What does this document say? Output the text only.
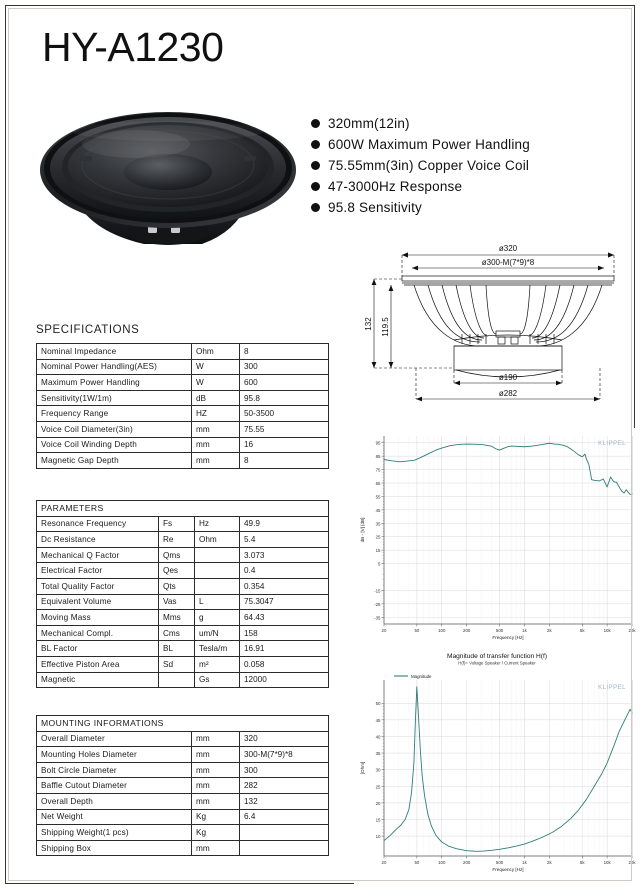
HY-A1230
320mm(12in)
600W Maximum Power Handling
75.55mm(3in) Copper Voice Coil
47-3000Hz Response
95.8 Sensitivity
SPECIFICATIONS
Nominal Impedance	Ohm	8
Nominal Power Handling(AES)	W	300
Maximum Power Handling	W	600
Sensitivity(1W/1m)	dB	95.8
Frequency Range	HZ	50-3500
Voice Coil Diameter(3in)	mm	75.55
Voice Coil Winding Depth	mm	16
Magnetic Gap Depth	mm	8
PARAMETERS			
Resonance Frequency	Fs	Hz	49.9
Dc Resistance	Re	Ohm	5.4
Mechanical Q Factor	Qms		3.073
Electrical Factor	Qes		0.4
Total Quality Factor	Qts		0.354
Equivalent Volume	Vas	L	75.3047
Moving Mass	Mms	g	64.43
Mechanical Compl.	Cms	um/N	158
BL Factor	BL	Tesla/m	16.91
Effective Piston Area	Sd	m²	0.058
Magnetic		Gs	12000
MOUNTING INFORMATIONS		
Overall Diameter	mm	320
Mounting Holes Diameter	mm	300-M(7*9)*8
Bolt Circle Diameter	mm	300
Baffle Cutout Diameter	mm	282
Overall Depth	mm	132
Net Weight	Kg	6.4
Shipping Weight(1 pcs)	Kg	
Shipping Box	mm	
ø320
ø300-M(7*9)*8
ø190
ø282
132 119.5
95
85
75
65
55
45
35
25
15
5
-15
-25
-35
20	50	100	200	500	1k	2k	5k	10k	20k
Frequency [Hz]
dB - [V] [dB]
KLIPPEL
Magnitude of transfer function H(f)
H(f)= Voltage Speaker / Current Speaker
10
15
20
25
30
35
40
45
50
20	50	100	200	500	1k	2k	5k	10k	20k
Frequency [Hz]
[Ohm]
Magnitude
KLIPPEL
